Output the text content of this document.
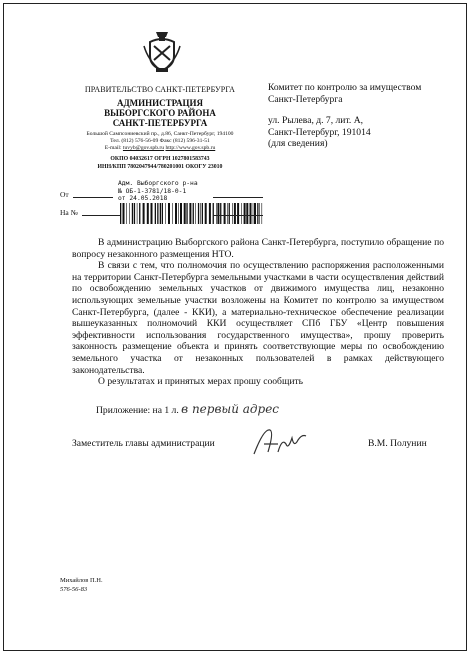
ПРАВИТЕЛЬСТВО САНКТ-ПЕТЕРБУРГА
АДМИНИСТРАЦИЯ
ВЫБОРГСКОГО РАЙОНА
САНКТ-ПЕТЕРБУРГА
Большой Сампсониевский пр., д.86, Санкт-Петербург, 194100
Тел. (812) 576-56-09 Факс (812) 596-31-51
E-mail: tuvyb@gov.spb.ru http://www.gov.spb.ru
ОКПО 04032617 ОГРН 1027801583743
ИНН/КПП 7802047944/780201001 ОКОГУ 23010
Комитет по контролю за имуществом
Санкт-Петербурга
ул. Рылева, д. 7, лит. А,
Санкт-Петербург, 191014
(для сведения)
Адм. Выборгского р-на
№ ОБ-1-3781/18-0-1
от 24.05.2018
От
На №

В администрацию Выборгского района Санкт-Петербурга, поступило обращение по вопросу незаконного размещения НТО.

В связи с тем, что полномочия по осуществлению распоряжения расположенными на территории Санкт-Петербурга земельными участками в части осуществления действий по освобождению земельных участков от движимого имущества лиц, незаконно использующих земельные участки возложены на Комитет по контролю за имуществом Санкт-Петербурга, (далее - ККИ), а материально-техническое обеспечение реализации вышеуказанных полномочий ККИ осуществляет СПб ГБУ «Центр повышения эффективности использования государственного имущества», прошу проверить законность размещение объекта и принять соответствующие меры по освобождению земельного участка от незаконных пользователей в рамках действующего законодательства.

О результатах и принятых мерах прошу сообщить

Приложение: на 1 л. в первый адрес
Заместитель главы администрации	В.М. Полунин
Михайлов П.Н.
576-56-83
